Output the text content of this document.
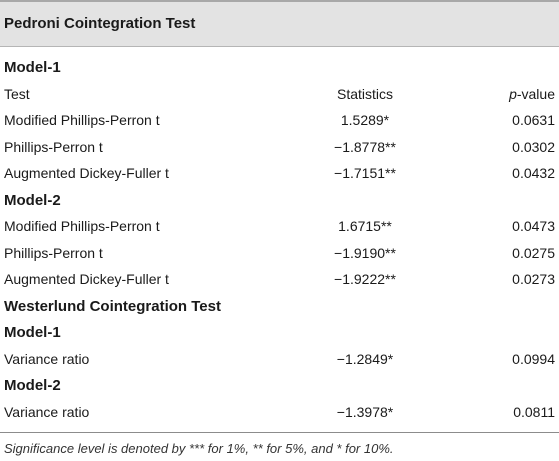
Pedroni Cointegration Test
Model-1
Test	Statistics	p-value
Modified Phillips-Perron t	1.5289*	0.0631
Phillips-Perron t	−1.8778**	0.0302
Augmented Dickey-Fuller t	−1.7151**	0.0432
Model-2
Modified Phillips-Perron t	1.6715**	0.0473
Phillips-Perron t	−1.9190**	0.0275
Augmented Dickey-Fuller t	−1.9222**	0.0273
Westerlund Cointegration Test
Model-1
Variance ratio	−1.2849*	0.0994
Model-2
Variance ratio	−1.3978*	0.0811
Significance level is denoted by *** for 1%, ** for 5%, and * for 10%.
